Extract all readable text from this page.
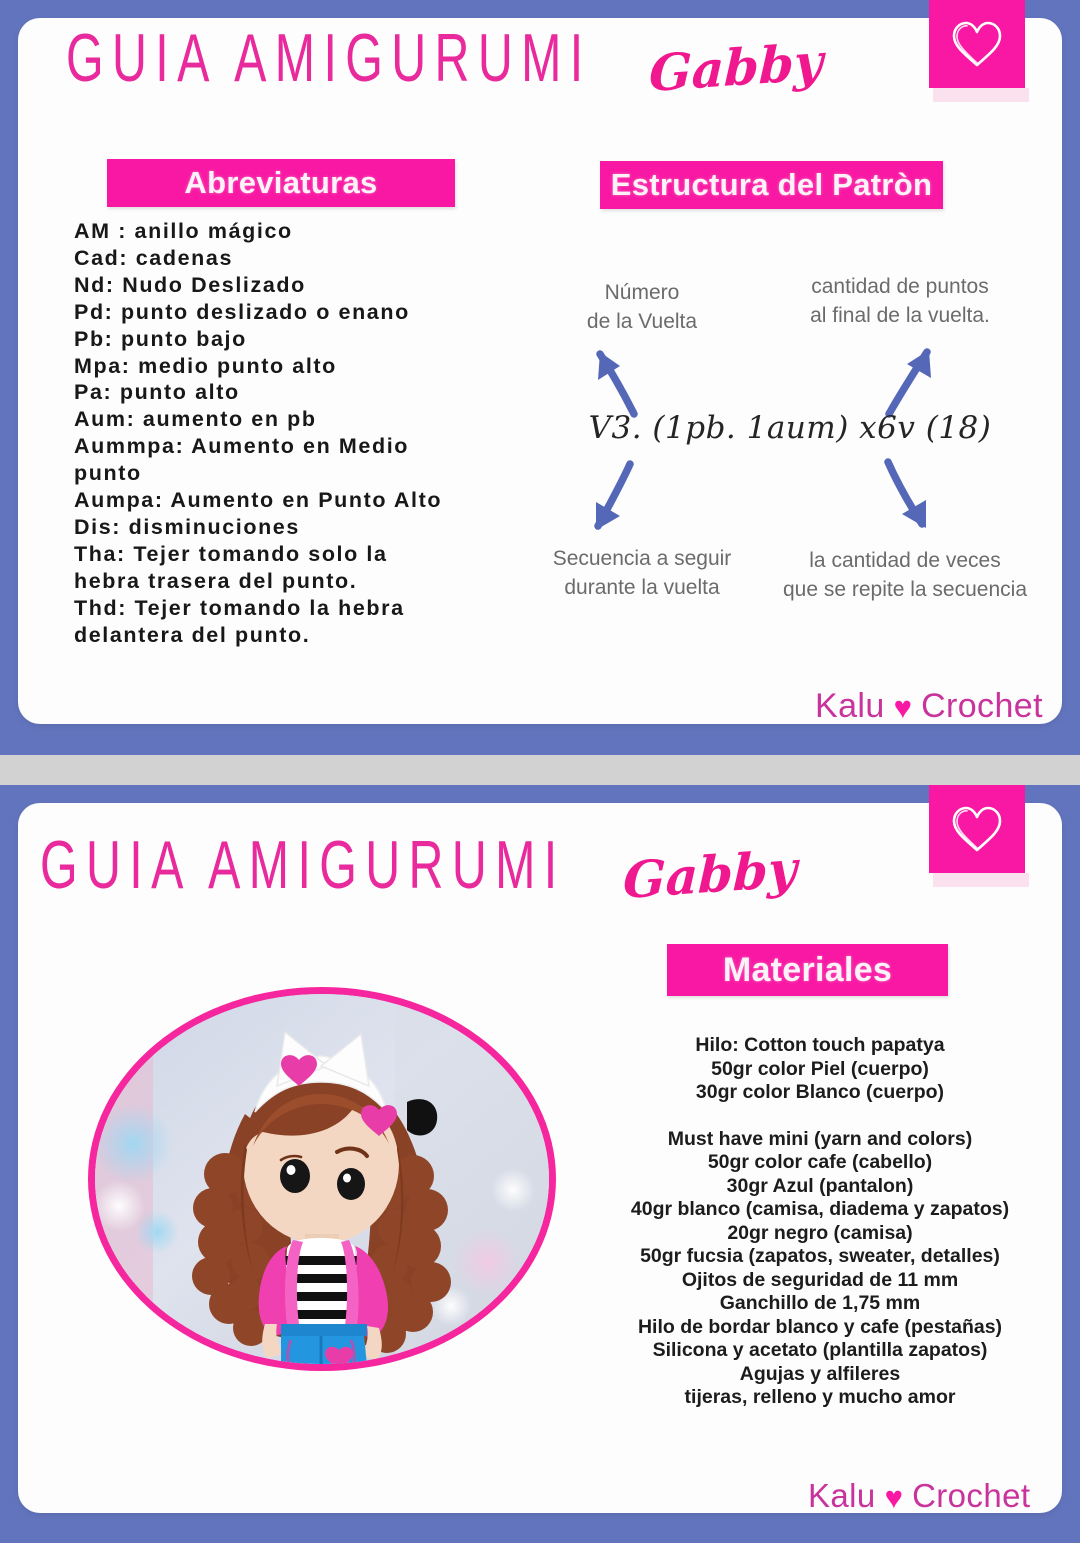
GUIA AMIGURUMI Gabby
Abreviaturas
AM : anillo mágico
Cad: cadenas
Nd: Nudo Deslizado
Pd: punto deslizado o enano
Pb: punto bajo
Mpa: medio punto alto
Pa: punto alto
Aum: aumento en pb
Aummpa: Aumento en Medio
punto
Aumpa: Aumento en Punto Alto
Dis: disminuciones
Tha: Tejer tomando solo la
hebra trasera del punto.
Thd: Tejer tomando la hebra
delantera del punto.
Estructura del Patròn
Número
de la Vuelta
cantidad de puntos
al final de la vuelta.
V3. (1pb. 1aum) x6v (18)
Secuencia a seguir
durante la vuelta
la cantidad de veces
que se repite la secuencia
Kalu ♥ Crochet
GUIA AMIGURUMI Gabby
Materiales
Hilo: Cotton touch papatya
50gr color Piel (cuerpo)
30gr color Blanco (cuerpo)
Must have mini (yarn and colors)
50gr color cafe (cabello)
30gr Azul (pantalon)
40gr blanco (camisa, diadema y zapatos)
20gr negro (camisa)
50gr fucsia (zapatos, sweater, detalles)
Ojitos de seguridad de 11 mm
Ganchillo de 1,75 mm
Hilo de bordar blanco y cafe (pestañas)
Silicona y acetato (plantilla zapatos)
Agujas y alfileres
tijeras, relleno y mucho amor
Kalu ♥ Crochet
